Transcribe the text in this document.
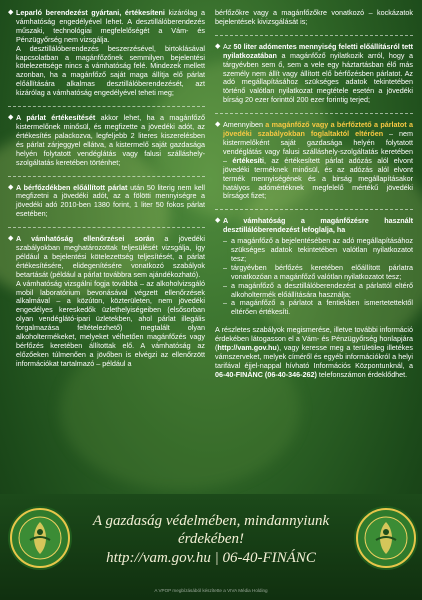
◆ Leparló berendezést gyártani, értékesíteni kizárólag a vámhatóság engedélyével lehet. A desztillálóberendezés műszaki, technológiai megfelelőségét a Vám- és Pénzügyőrség nem vizsgálja.

A desztillálóberendezés beszerzésével, birtoklásával kapcsolatban a magánfőzőnek semmilyen bejelentési kötelezettsége nincs a vámhatóság felé. Mindezek mellett azonban, ha a magánfőző saját maga állítja elő párlat előállítására alkalmas desztillálóberendezését, azt kizárólag a vámhatóság engedélyével teheti meg;

◆ A párlat értékesítését akkor lehet, ha a magánfőző kistermelőnek minősül, és megfizette a jövedéki adót, az értékesítés palackozva, legfeljebb 2 literes kiszerelésben és párlat zárjeggyel ellátva, a kistermelő saját gazdasága helyén folytatott vendéglátás vagy falusi szálláshely-szolgáltatás keretében történhet;

◆ A bérfőzdékben előállított párlat után 50 literig nem kell megfizetni a jövedéki adót, az a fölötti mennyiségre a jövedéki adó 2010-ben 1380 forint, 1 liter 50 fokos párlat esetében;

◆ A vámhatóság ellenőrzései során a jövedéki szabályokban meghatározottak teljesülését vizsgálja, így például a bejelentési kötelezettség teljesítését, a párlat értékesítésére, elidegenítésére vonatkozó szabályok betartását (például a párlat továbbra sem ajándékozható).

A vámhatóság vizsgálni fogja továbbá – az alkoholvizsgáló mobil laboratórium bevonásával végzett ellenőrzések alkalmával – a közúton, közterületen, nem jövedéki engedélyes kereskedők üzlethelyiségeiben (elsősorban olyan vendéglátó-ipari üzletekben, ahol párlat illegális forgalmazása feltételezhető) megtalált olyan alkoholtermékeket, melyeket vélhetően magánfőzés vagy bérfőzés keretében állítottak elő. A vámhatóság az előzőeken túlmenően a jövőben is elvégzi az ellenőrzött információkat tartalmazó – például a

bérfőzőkre vagy a magánfőzőkre vonatkozó – kockázatok bejelentések kivizsgálását is;

◆ Az 50 liter adómentes mennyiség feletti előállításról tett nyilatkozatában a magánfőző nyilatkozik arról, hogy a tárgyévben sem ő, sem a vele egy háztartásban élő más személy nem állít vagy állított elő bérfőzésben párlatot. Az adó megállapításához szükséges adatok tekintetében történő valótlan nyilatkozat megtétele esetén a jövedéki bírság 20 ezer forinttól 200 ezer forintig terjed;

◆ Amennyiben a magánfőző vagy a bérfőztető a párlatot a jövedéki szabályokban foglaltaktól eltérően – nem kistermelőként saját gazdasága helyén folytatott vendéglátás vagy falusi szálláshely-szolgáltatás keretében – értékesíti, az értékesített párlat adózás alól elvont jövedéki terméknek minősül, és az adózás alól elvont termék mennyiségének és a birság megállapításakor hatályos adómértéknek megfelelő mértékű jövedéki bírságot fizet;

◆ A vámhatóság a magánfőzésre használt desztillálóberendezést lefoglalja, ha

– a magánfőző a bejelentésében az adó megállapításához szükséges adatok tekintetében valótlan nyilatkozatot tesz;
– tárgyévben bérfőzés keretében előállított párlatra vonatkozóan a magánfőző valótlan nyilatkozatot tesz;
– a magánfőző a desztillálóberendezést a párlattól eltérő alkoholtermék előállítására használja;
– a magánfőző a párlatot a fentiekben ismertetettektől eltérően értékesíti.

A részletes szabályok megismerése, illetve további információ érdekében látogasson el a Vám- és Pénzügyőrség honlapjára (http://vam.gov.hu), vagy keresse meg a területileg illetékes vámszerveket, melyek címéről és egyéb információkról a helyi tarifával éjjel-nappal hívható Információs Központunknál, a 06-40-FINÁNC (06-40-346-262) telefonszámon érdeklődhet.

A gazdaság védelmében, mindannyiunk érdekében!
http://vam.gov.hu | 06-40-FINÁNC
A VPOP megbízásából készítette a VIVA Média Holding
